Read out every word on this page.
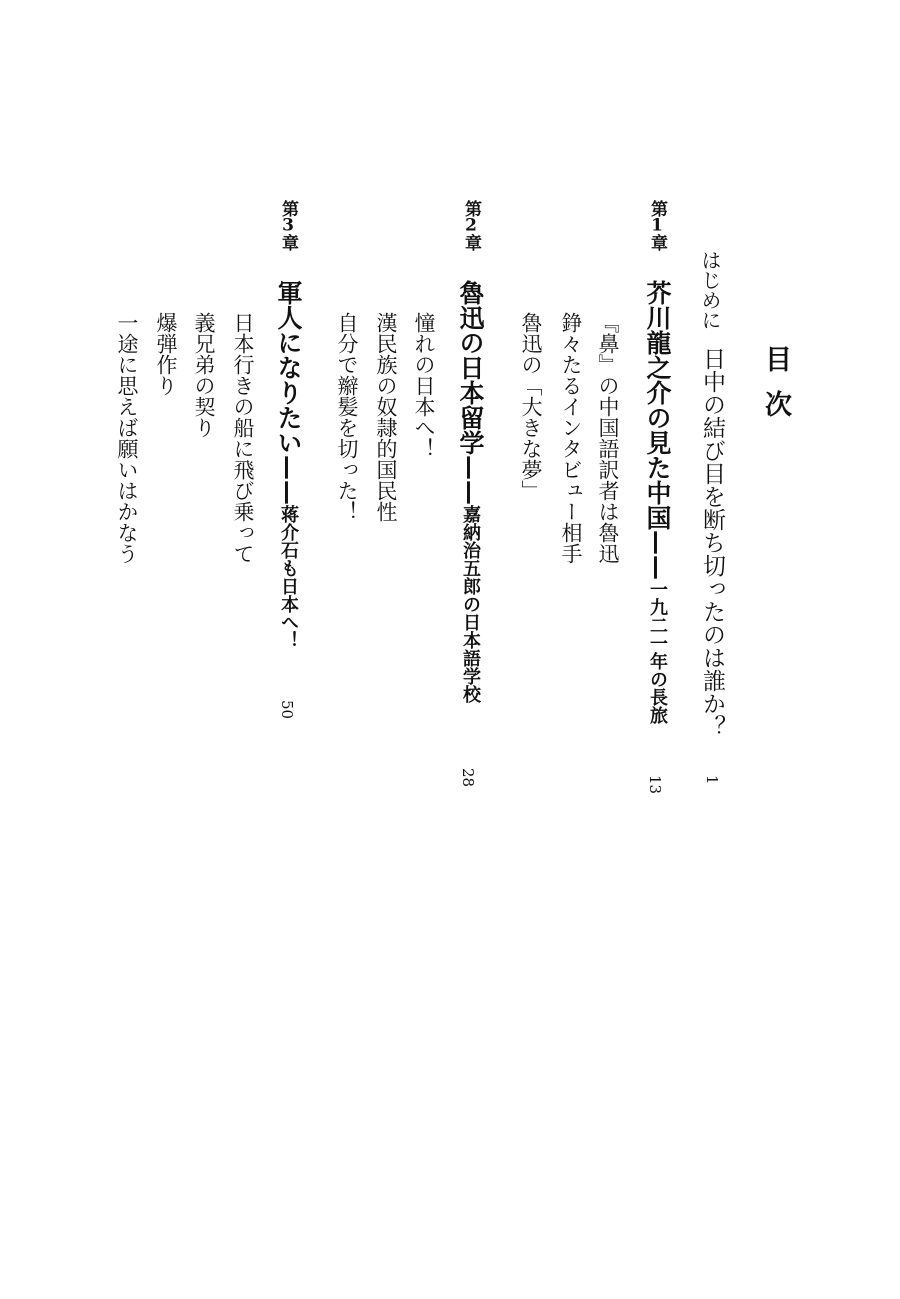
目次
はじめに
日中の結び目を断ち切ったのは誰か？
1
第1章
芥川龍之介の見た中国——一九二一年の長旅
13
『鼻』の中国語訳者は魯迅
錚々たるインタビュー相手
魯迅の「大きな夢」
第2章
魯迅の日本留学——嘉納治五郎の日本語学校
28
憧れの日本へ！
漢民族の奴隷的国民性
自分で辮髪を切った！
第3章
軍人になりたい——蒋介石も日本へ！
50
日本行きの船に飛び乗って
義兄弟の契り
爆弾作り
一途に思えば願いはかなう
